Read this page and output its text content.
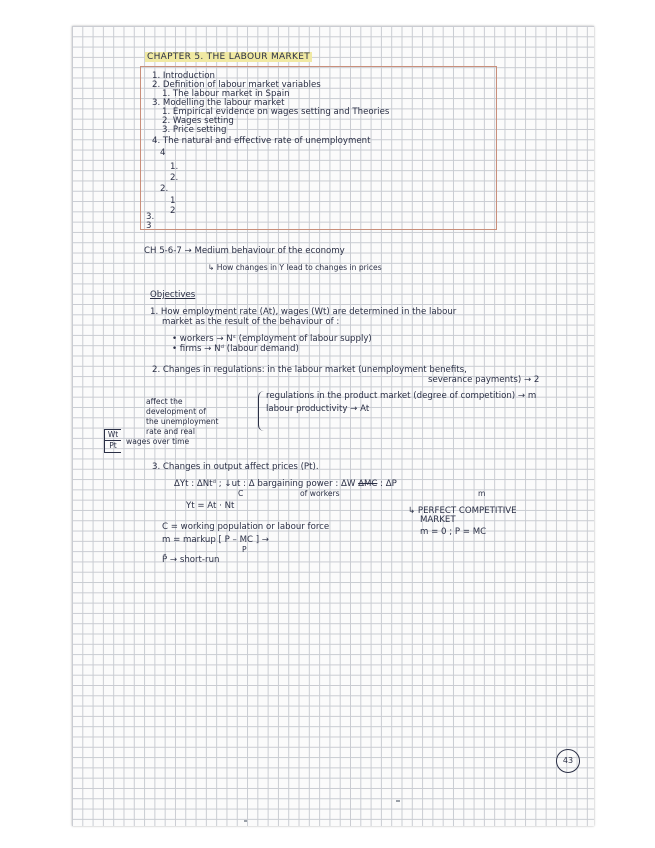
CHAPTER 5. THE LABOUR MARKET
1. Introduction
2. Definition of labour market variables
1. The labour market in Spain
3. Modelling the labour market
1. Empirical evidence on wages setting and Theories
2. Wages setting
3. Price setting
4. The natural and effective rate of unemployment
4
1.
2.
2.
1
2
3.
3
CH 5-6-7 → Medium behaviour of the economy
↳ How changes in Y lead to changes in prices
Objectives
1. How employment rate (At), wages (Wt) are determined in the labour
market as the result of the behaviour of :
• workers → Nˢ (employment of labour supply)
• firms → Nᵈ (labour demand)
2. Changes in regulations: in the labour market (unemployment benefits,
severance payments) → 2
regulations in the product market (degree of competition) → m
labour productivity → At
affect the
development of
the unemployment
rate and real
wages over time
$\frac{Wt}{Pt}$
3. Changes in output affect prices (Pt).
ΔYt : ΔNtᵈ ; ↓ut : Δ bargaining power : ΔW ΔMC : ΔP
m
of workers
C
Yt = At · Nt
C = working population or labour force
m = markup [ P – MC ] →
P
P̄ → short-run
↳ PERFECT COMPETITIVE
MARKET
m = 0 ; P = MC
43
